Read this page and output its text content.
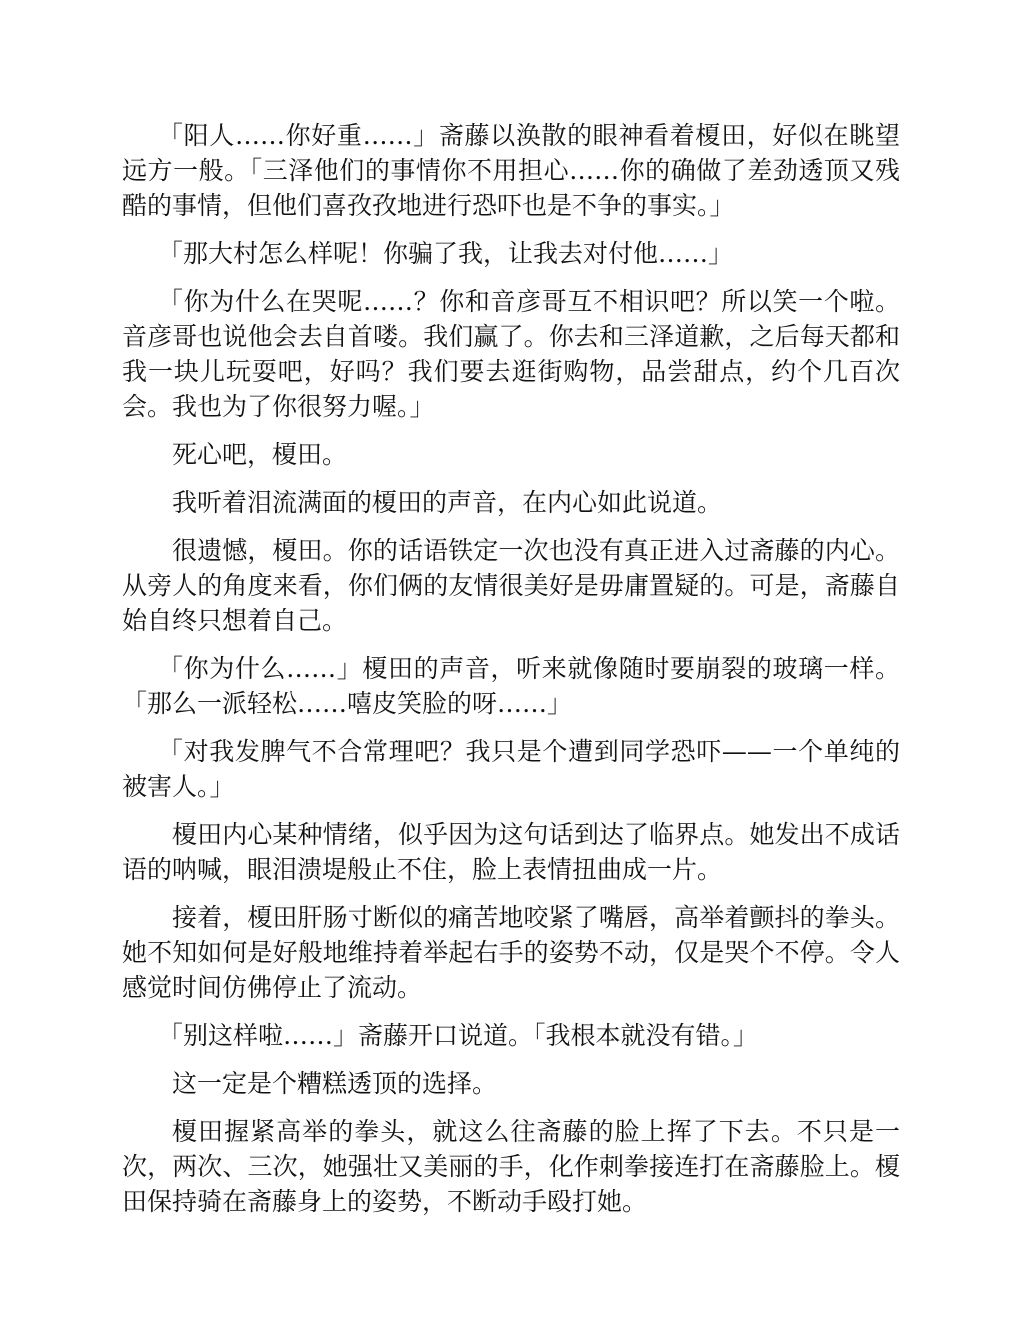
「阳人……你好重……」斋藤以涣散的眼神看着榎田，好似在眺望远方一般。「三泽他们的事情你不用担心……你的确做了差劲透顶又残酷的事情，但他们喜孜孜地进行恐吓也是不争的事实。」

「那大村怎么样呢！你骗了我，让我去对付他……」

「你为什么在哭呢……？你和音彦哥互不相识吧？所以笑一个啦。音彦哥也说他会去自首喽。我们赢了。你去和三泽道歉，之后每天都和我一块儿玩耍吧，好吗？我们要去逛街购物，品尝甜点，约个几百次会。我也为了你很努力喔。」

死心吧，榎田。

我听着泪流满面的榎田的声音，在内心如此说道。

很遗憾，榎田。你的话语铁定一次也没有真正进入过斋藤的内心。从旁人的角度来看，你们俩的友情很美好是毋庸置疑的。可是，斋藤自始自终只想着自己。

「你为什么……」榎田的声音，听来就像随时要崩裂的玻璃一样。「那么一派轻松……嘻皮笑脸的呀……」

「对我发脾气不合常理吧？我只是个遭到同学恐吓——一个单纯的被害人。」

榎田内心某种情绪，似乎因为这句话到达了临界点。她发出不成话语的呐喊，眼泪溃堤般止不住，脸上表情扭曲成一片。

接着，榎田肝肠寸断似的痛苦地咬紧了嘴唇，高举着颤抖的拳头。她不知如何是好般地维持着举起右手的姿势不动，仅是哭个不停。令人感觉时间仿佛停止了流动。

「别这样啦……」斋藤开口说道。「我根本就没有错。」

这一定是个糟糕透顶的选择。

榎田握紧高举的拳头，就这么往斋藤的脸上挥了下去。不只是一次，两次、三次，她强壮又美丽的手，化作刺拳接连打在斋藤脸上。榎田保持骑在斋藤身上的姿势，不断动手殴打她。
